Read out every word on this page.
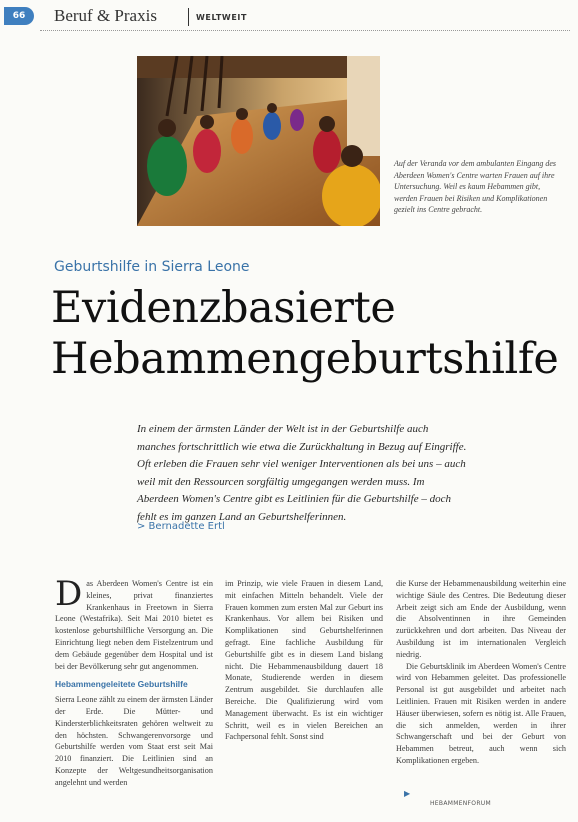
66	Beruf & Praxis	WELTWEIT
Auf der Veranda vor dem ambulanten Eingang des Aberdeen Women's Centre warten Frauen auf ihre Untersuchung. Weil es kaum Hebammen gibt, werden Frauen bei Risiken und Komplikationen gezielt ins Centre gebracht.
Geburtshilfe in Sierra Leone
Evidenzbasierte
Hebammengeburtshilfe
In einem der ärmsten Länder der Welt ist in der Geburtshilfe auch manches fortschrittlich wie etwa die Zurückhaltung in Bezug auf Eingriffe. Oft erleben die Frauen sehr viel weniger Interventionen als bei uns – auch weil mit den Ressourcen sorgfältig umgegangen werden muss. Im Aberdeen Women's Centre gibt es Leitlinien für die Geburtshilfe – doch fehlt es im ganzen Land an Geburtshelferinnen.
> Bernadette Ertl
D as Aberdeen Women's Centre ist ein kleines, privat finanziertes Krankenhaus in Freetown in Sierra Leone (Westafrika). Seit Mai 2010 bietet es kostenlose geburtshilfliche Versorgung an. Die Einrichtung liegt neben dem Fistelzentrum und dem Gebäude gegenüber dem Hospital und ist bei der Bevölkerung sehr gut angenommen.
Hebammengeleitete Geburtshilfe
Sierra Leone zählt zu einem der ärmsten Länder der Erde. Die Mütter- und Kindersterblichkeitsraten gehören weltweit zu den höchsten. Schwangerenvorsorge und Geburtshilfe werden vom Staat erst seit Mai 2010 finanziert. Die Leitlinien sind an Konzepte der Weltgesundheitsorganisation angelehnt und werden
im Prinzip, wie viele Frauen in diesem Land, mit einfachen Mitteln behandelt. Viele der Frauen kommen zum ersten Mal zur Geburt ins Krankenhaus. Vor allem bei Risiken und Komplikationen sind Geburtshelferinnen gefragt. Eine fachliche Ausbildung für Geburtshilfe gibt es in diesem Land bislang nicht. Die Hebammenausbildung dauert 18 Monate, Studierende werden in diesem Zentrum ausgebildet. Sie durchlaufen alle Bereiche. Die Qualifizierung wird vom Management überwacht. Es ist ein wichtiger Schritt, weil es in vielen Bereichen an Fachpersonal fehlt. Sonst sind
die Kurse der Hebammenausbildung weiterhin eine wichtige Säule des Centres. Die Bedeutung dieser Arbeit zeigt sich am Ende der Ausbildung, wenn die Absolventinnen in ihre Gemeinden zurückkehren und dort arbeiten. Das Niveau der Ausbildung ist im internationalen Vergleich niedrig.
Die Geburtsklinik im Aberdeen Women's Centre wird von Hebammen geleitet. Das professionelle Personal ist gut ausgebildet und arbeitet nach Leitlinien. Frauen mit Risiken werden in andere Häuser überwiesen, sofern es nötig ist. Alle Frauen, die sich anmelden, werden in ihrer Schwangerschaft und bei der Geburt von Hebammen betreut, auch wenn sich Komplikationen ergeben.
▶
HEBAMMENFORUM
